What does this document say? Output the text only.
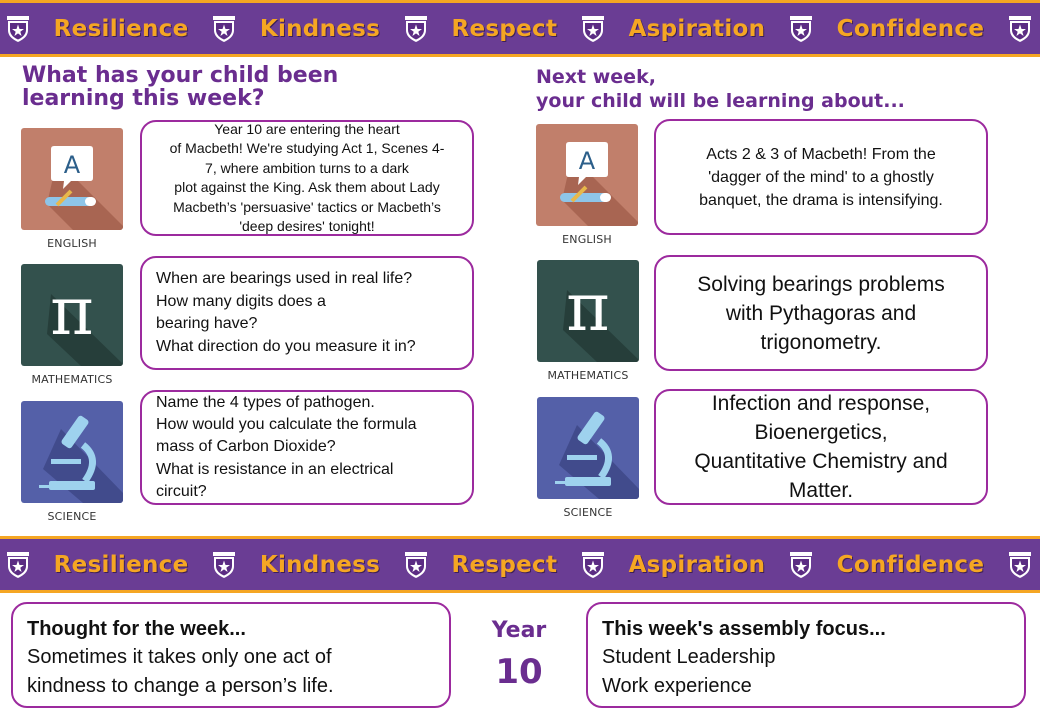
Resilience	Kindness	Respect	Aspiration	Confidence
What has your child been
learning this week?
Next week,
your child will be learning about...
A
ENGLISH
π
MATHEMATICS
SCIENCE
Year 10 are entering the heart
of Macbeth! We're studying Act 1, Scenes 4-
7, where ambition turns to a dark
plot against the King. Ask them about Lady
Macbeth’s 'persuasive' tactics or Macbeth’s
'deep desires' tonight!
When are bearings used in real life?
How many digits does a
bearing have?
What direction do you measure it in?
Name the 4 types of pathogen.
How would you calculate the formula
mass of Carbon Dioxide?
What is resistance in an electrical
circuit?
A
ENGLISH
π
MATHEMATICS
SCIENCE
Acts 2 & 3 of Macbeth! From the
'dagger of the mind' to a ghostly
banquet, the drama is intensifying.
Solving bearings problems
with Pythagoras and
trigonometry.
Infection and response,
Bioenergetics,
Quantitative Chemistry and
Matter.
Resilience	Kindness	Respect	Aspiration	Confidence
Thought for the week...
Sometimes it takes only one act of
kindness to change a person’s life.
Year
10
This week's assembly focus...
Student Leadership
Work experience
